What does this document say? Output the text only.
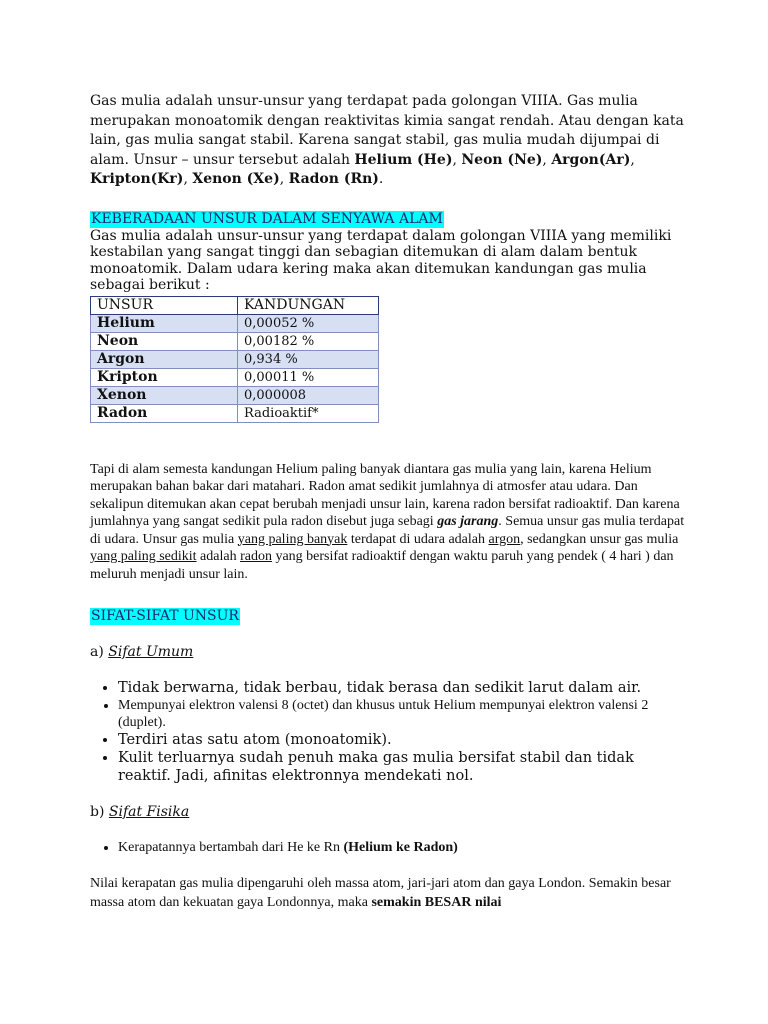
Gas mulia adalah unsur-unsur yang terdapat pada golongan VIIIA. Gas mulia merupakan monoatomik dengan reaktivitas kimia sangat rendah. Atau dengan kata lain, gas mulia sangat stabil. Karena sangat stabil, gas mulia mudah dijumpai di alam. Unsur – unsur tersebut adalah Helium (He), Neon (Ne), Argon(Ar), Kripton(Kr), Xenon (Xe), Radon (Rn).

KEBERADAAN UNSUR DALAM SENYAWA ALAM

Gas mulia adalah unsur-unsur yang terdapat dalam golongan VIIIA yang memiliki kestabilan yang sangat tinggi dan sebagian ditemukan di alam dalam bentuk monoatomik. Dalam udara kering maka akan ditemukan kandungan gas mulia sebagai berikut :

UNSUR	KANDUNGAN
Helium	0,00052 %
Neon	0,00182 %
Argon	0,934 %
Kripton	0,00011 %
Xenon	0,000008
Radon	Radioaktif*

Tapi di alam semesta kandungan Helium paling banyak diantara gas mulia yang lain, karena Helium merupakan bahan bakar dari matahari. Radon amat sedikit jumlahnya di atmosfer atau udara. Dan sekalipun ditemukan akan cepat berubah menjadi unsur lain, karena radon bersifat radioaktif. Dan karena jumlahnya yang sangat sedikit pula radon disebut juga sebagi gas jarang. Semua unsur gas mulia terdapat di udara. Unsur gas mulia yang paling banyak terdapat di udara adalah argon, sedangkan unsur gas mulia yang paling sedikit adalah radon yang bersifat radioaktif dengan waktu paruh yang pendek ( 4 hari ) dan meluruh menjadi unsur lain.

SIFAT-SIFAT UNSUR

a) Sifat Umum

• Tidak berwarna, tidak berbau, tidak berasa dan sedikit larut dalam air.
• Mempunyai elektron valensi 8 (octet) dan khusus untuk Helium mempunyai elektron valensi 2 (duplet).
• Terdiri atas satu atom (monoatomik).
• Kulit terluarnya sudah penuh maka gas mulia bersifat stabil dan tidak reaktif. Jadi, afinitas elektronnya mendekati nol.

b) Sifat Fisika

• Kerapatannya bertambah dari He ke Rn (Helium ke Radon)

Nilai kerapatan gas mulia dipengaruhi oleh massa atom, jari-jari atom dan gaya London. Semakin besar massa atom dan kekuatan gaya Londonnya, maka semakin BESAR nilai
